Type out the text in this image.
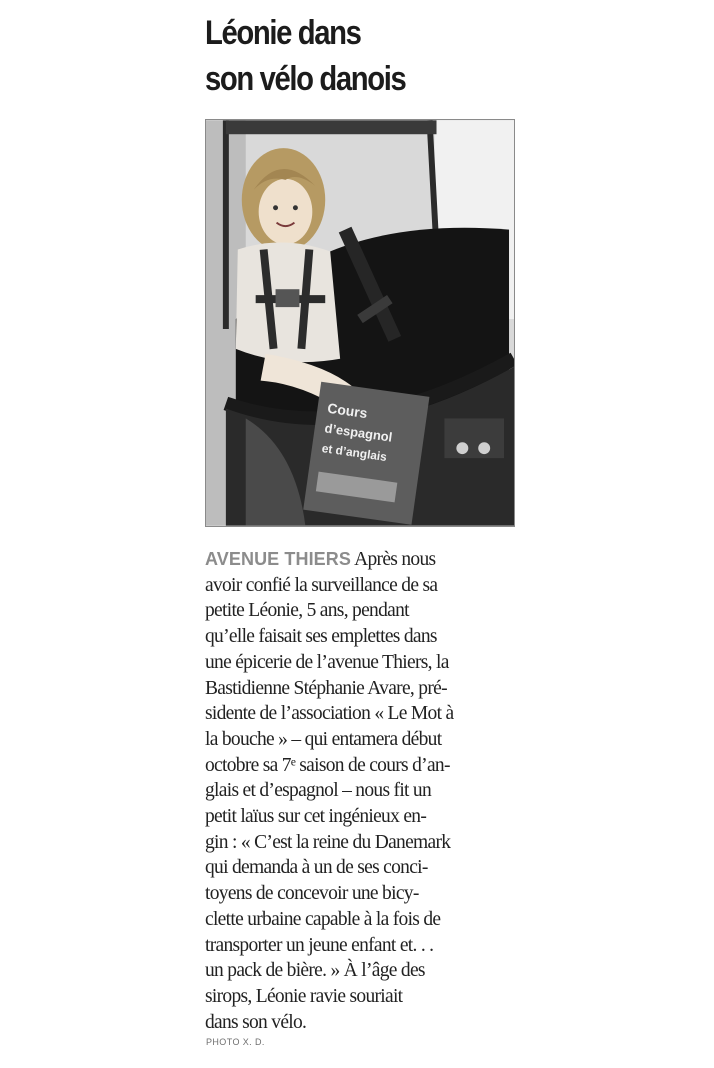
Léonie dans
son vélo danois
Cours
d’espagnol
et d’anglais

AVENUE THIERS Après nous
avoir confié la surveillance de sa
petite Léonie, 5 ans, pendant
qu’elle faisait ses emplettes dans
une épicerie de l’avenue Thiers, la
Bastidienne Stéphanie Avare, pré-
sidente de l’association « Le Mot à
la bouche » – qui entamera début
octobre sa 7ᵉ saison de cours d’an-
glais et d’espagnol – nous fit un
petit laïus sur cet ingénieux en-
gin : « C’est la reine du Danemark
qui demanda à un de ses conci-
toyens de concevoir une bicy-
clette urbaine capable à la fois de
transporter un jeune enfant et. . .
un pack de bière. » À l’âge des
sirops, Léonie ravie souriait
dans son vélo.

PHOTO X. D.
